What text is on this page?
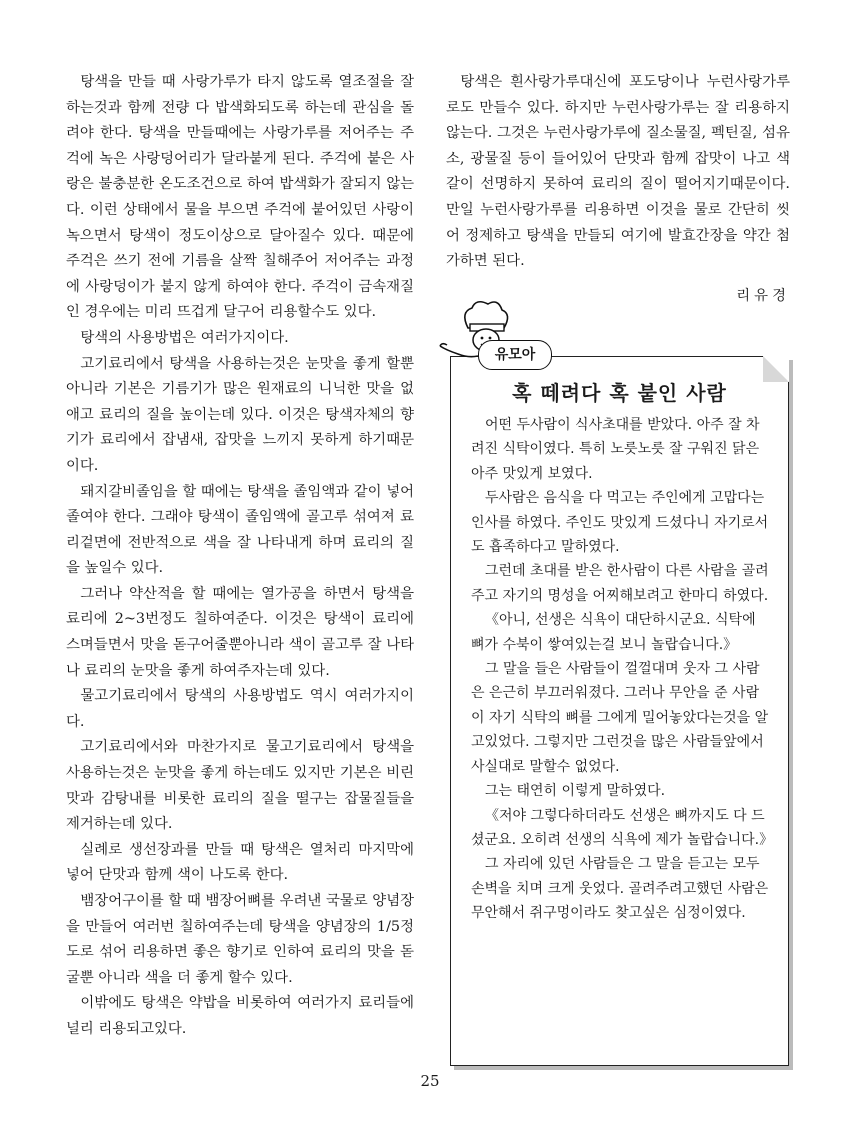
탕색을 만들 때 사랑가루가 타지 않도록 열조절을 잘하는것과 함께 전량 다 밥색화되도록 하는데 관심을 돌려야 한다. 탕색을 만들때에는 사랑가루를 저어주는 주걱에 녹은 사랑덩어리가 달라붙게 된다. 주걱에 붙은 사랑은 불충분한 온도조건으로 하여 밥색화가 잘되지 않는다. 이런 상태에서 물을 부으면 주걱에 붙어있던 사랑이 녹으면서 탕색이 정도이상으로 달아질수 있다. 때문에 주걱은 쓰기 전에 기름을 살짝 칠해주어 저어주는 과정에 사랑덩이가 붙지 않게 하여야 한다. 주걱이 금속재질인 경우에는 미리 뜨겁게 달구어 리용할수도 있다.

탕색의 사용방법은 여러가지이다.

고기료리에서 탕색을 사용하는것은 눈맛을 좋게 할뿐 아니라 기본은 기름기가 많은 원재료의 니닉한 맛을 없애고 료리의 질을 높이는데 있다. 이것은 탕색자체의 향기가 료리에서 잡냄새, 잡맛을 느끼지 못하게 하기때문이다.

돼지갈비졸임을 할 때에는 탕색을 졸임액과 같이 넣어 졸여야 한다. 그래야 탕색이 졸임액에 골고루 섞여져 료리겉면에 전반적으로 색을 잘 나타내게 하며 료리의 질을 높일수 있다.

그러나 약산적을 할 때에는 열가공을 하면서 탕색을 료리에 2~3번정도 칠하여준다. 이것은 탕색이 료리에 스며들면서 맛을 돋구어줄뿐아니라 색이 골고루 잘 나타나 료리의 눈맛을 좋게 하여주자는데 있다.

물고기료리에서 탕색의 사용방법도 역시 여러가지이다.

고기료리에서와 마찬가지로 물고기료리에서 탕색을 사용하는것은 눈맛을 좋게 하는데도 있지만 기본은 비린맛과 감탕내를 비롯한 료리의 질을 떨구는 잡물질들을 제거하는데 있다.

실례로 생선장과를 만들 때 탕색은 열처리 마지막에 넣어 단맛과 함께 색이 나도록 한다.

뱀장어구이를 할 때 뱀장어뼈를 우려낸 국물로 양념장을 만들어 여러번 칠하여주는데 탕색을 양념장의 1/5정도로 섞어 리용하면 좋은 향기로 인하여 료리의 맛을 돋굴뿐 아니라 색을 더 좋게 할수 있다.

이밖에도 탕색은 약밥을 비롯하여 여러가지 료리들에 널리 리용되고있다.

탕색은 흰사랑가루대신에 포도당이나 누런사랑가루로도 만들수 있다. 하지만 누런사랑가루는 잘 리용하지 않는다. 그것은 누런사랑가루에 질소물질, 펙틴질, 섬유소, 광물질 등이 들어있어 단맛과 함께 잡맛이 나고 색갈이 선명하지 못하여 료리의 질이 떨어지기때문이다. 만일 누런사랑가루를 리용하면 이것을 물로 간단히 씻어 정제하고 탕색을 만들되 여기에 발효간장을 약간 첨가하면 된다.

리유경
혹 떼려다 혹 붙인 사람

어떤 두사람이 식사초대를 받았다. 아주 잘 차려진 식탁이였다. 특히 노릇노릇 잘 구워진 닭은 아주 맛있게 보였다.

두사람은 음식을 다 먹고는 주인에게 고맙다는 인사를 하였다. 주인도 맛있게 드셨다니 자기로서도 흡족하다고 말하였다.

그런데 초대를 받은 한사람이 다른 사람을 골려주고 자기의 명성을 어찌해보려고 한마디 하였다.

《아니, 선생은 식욕이 대단하시군요. 식탁에 뼈가 수북이 쌓여있는걸 보니 놀랍습니다.》

그 말을 들은 사람들이 껄껄대며 웃자 그 사람은 은근히 부끄러워졌다. 그러나 무안을 준 사람이 자기 식탁의 뼈를 그에게 밀어놓았다는것을 알고있었다. 그렇지만 그런것을 많은 사람들앞에서 사실대로 말할수 없었다.

그는 태연히 이렇게 말하였다.

《저야 그렇다하더라도 선생은 뼈까지도 다 드셨군요. 오히려 선생의 식욕에 제가 놀랍습니다.》

그 자리에 있던 사람들은 그 말을 듣고는 모두 손벽을 치며 크게 웃었다. 골려주려고했던 사람은 무안해서 쥐구멍이라도 찾고싶은 심정이였다.

유모아
25
